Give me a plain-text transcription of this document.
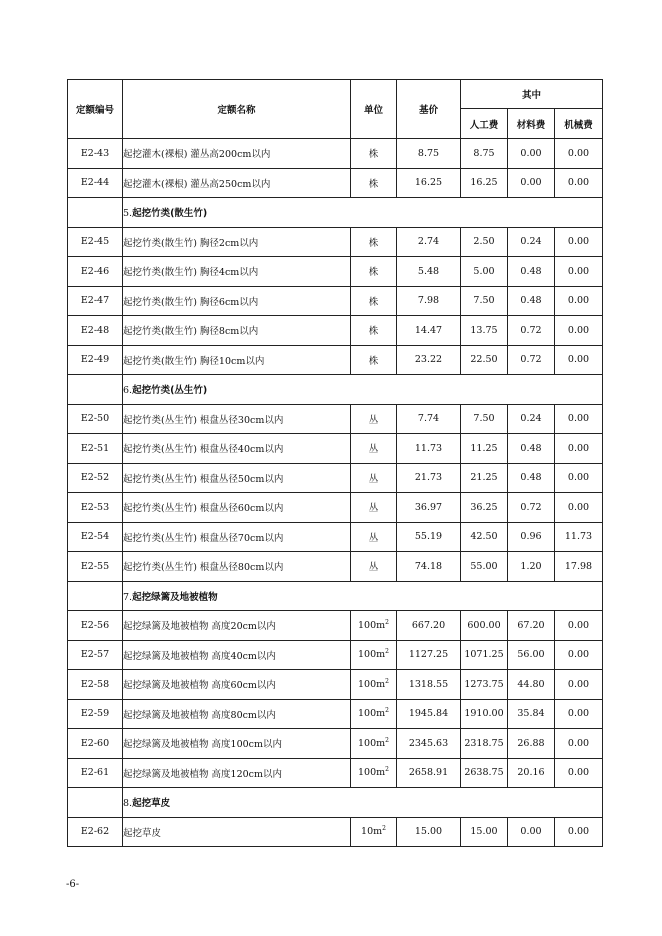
定额编号	定额名称	单位	基价	其中		
				人工费	材料费	机械费
E2-43	起挖灌木(裸根) 灌丛高200cm以内	株	8.75	8.75	0.00	0.00
E2-44	起挖灌木(裸根) 灌丛高250cm以内	株	16.25	16.25	0.00	0.00
	5.起挖竹类(散生竹)					
E2-45	起挖竹类(散生竹) 胸径2cm以内	株	2.74	2.50	0.24	0.00
E2-46	起挖竹类(散生竹) 胸径4cm以内	株	5.48	5.00	0.48	0.00
E2-47	起挖竹类(散生竹) 胸径6cm以内	株	7.98	7.50	0.48	0.00
E2-48	起挖竹类(散生竹) 胸径8cm以内	株	14.47	13.75	0.72	0.00
E2-49	起挖竹类(散生竹) 胸径10cm以内	株	23.22	22.50	0.72	0.00
	6.起挖竹类(丛生竹)					
E2-50	起挖竹类(丛生竹) 根盘丛径30cm以内	丛	7.74	7.50	0.24	0.00
E2-51	起挖竹类(丛生竹) 根盘丛径40cm以内	丛	11.73	11.25	0.48	0.00
E2-52	起挖竹类(丛生竹) 根盘丛径50cm以内	丛	21.73	21.25	0.48	0.00
E2-53	起挖竹类(丛生竹) 根盘丛径60cm以内	丛	36.97	36.25	0.72	0.00
E2-54	起挖竹类(丛生竹) 根盘丛径70cm以内	丛	55.19	42.50	0.96	11.73
E2-55	起挖竹类(丛生竹) 根盘丛径80cm以内	丛	74.18	55.00	1.20	17.98
	7.起挖绿篱及地被植物					
E2-56	起挖绿篱及地被植物 高度20cm以内	$100m^2$	667.20	600.00	67.20	0.00
E2-57	起挖绿篱及地被植物 高度40cm以内	$100m^2$	1127.25	1071.25	56.00	0.00
E2-58	起挖绿篱及地被植物 高度60cm以内	$100m^2$	1318.55	1273.75	44.80	0.00
E2-59	起挖绿篱及地被植物 高度80cm以内	$100m^2$	1945.84	1910.00	35.84	0.00
E2-60	起挖绿篱及地被植物 高度100cm以内	$100m^2$	2345.63	2318.75	26.88	0.00
E2-61	起挖绿篱及地被植物 高度120cm以内	$100m^2$	2658.91	2638.75	20.16	0.00
	8.起挖草皮					
E2-62	起挖草皮	$10m^2$	15.00	15.00	0.00	0.00
-6-
